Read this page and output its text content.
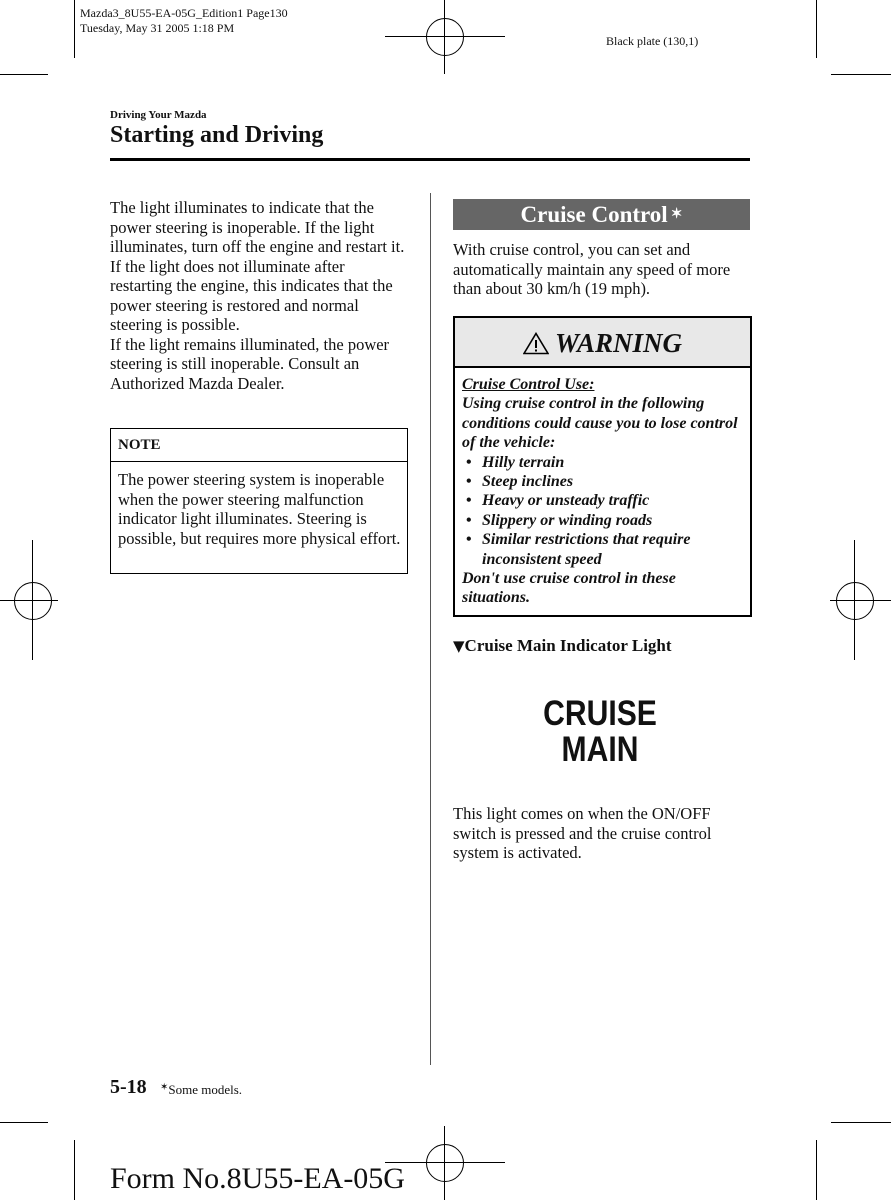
Mazda3_8U55-EA-05G_Edition1 Page130
Tuesday, May 31 2005 1:18 PM
Black plate (130,1)
Driving Your Mazda
Starting and Driving
The light illuminates to indicate that the power steering is inoperable. If the light illuminates, turn off the engine and restart it.
If the light does not illuminate after restarting the engine, this indicates that the power steering is restored and normal steering is possible.
If the light remains illuminated, the power steering is still inoperable. Consult an Authorized Mazda Dealer.
NOTE
The power steering system is inoperable when the power steering malfunction indicator light illuminates. Steering is possible, but requires more physical effort.
Cruise Control ✶
With cruise control, you can set and automatically maintain any speed of more than about 30 km/h (19 mph).
WARNING
Cruise Control Use:
Using cruise control in the following conditions could cause you to lose control of the vehicle:
• Hilly terrain
• Steep inclines
• Heavy or unsteady traffic
• Slippery or winding roads
• Similar restrictions that require inconsistent speed
Don't use cruise control in these situations.
▼Cruise Main Indicator Light
CRUISE
MAIN
This light comes on when the ON/OFF switch is pressed and the cruise control system is activated.
5-18 ✶Some models.
Form No.8U55-EA-05G
